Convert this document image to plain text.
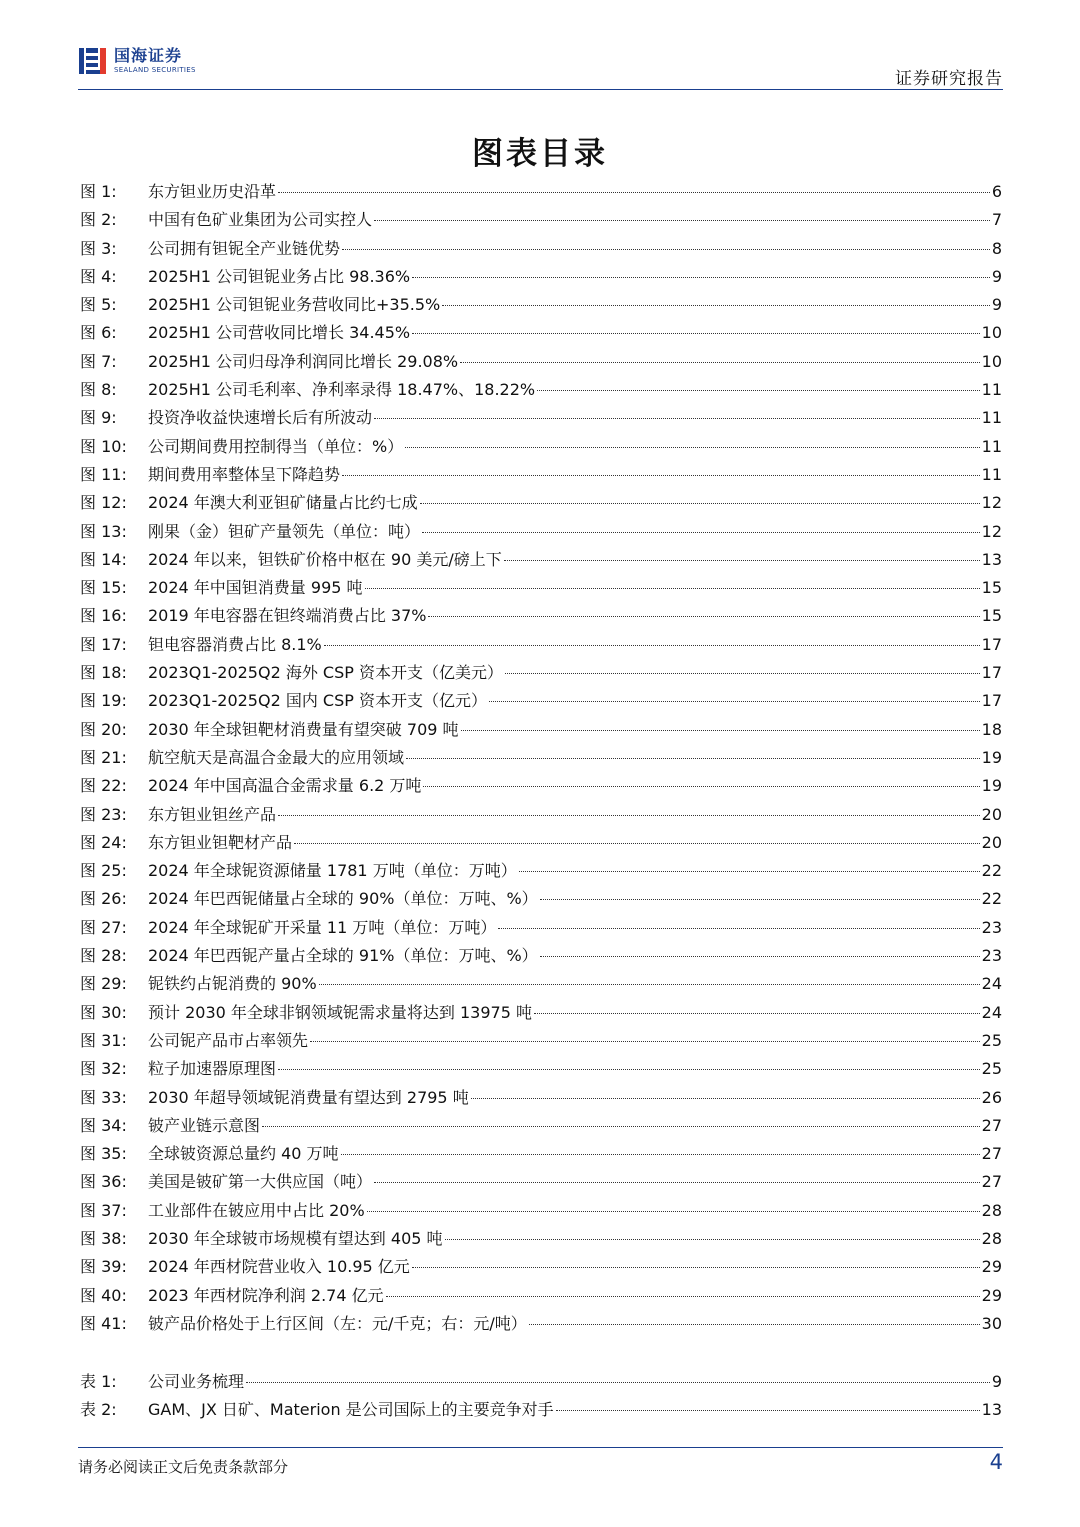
国海证券
SEALAND SECURITIES	证券研究报告
图表目录
图 1:	东方钽业历史沿革	6
图 2:	中国有色矿业集团为公司实控人	7
图 3:	公司拥有钽铌全产业链优势	8
图 4:	2025H1 公司钽铌业务占比 98.36%	9
图 5:	2025H1 公司钽铌业务营收同比+35.5%	9
图 6:	2025H1 公司营收同比增长 34.45%	10
图 7:	2025H1 公司归母净利润同比增长 29.08%	10
图 8:	2025H1 公司毛利率、净利率录得 18.47%、18.22%	11
图 9:	投资净收益快速增长后有所波动	11
图 10:	公司期间费用控制得当（单位：%）	11
图 11:	期间费用率整体呈下降趋势	11
图 12:	2024 年澳大利亚钽矿储量占比约七成	12
图 13:	刚果（金）钽矿产量领先（单位：吨）	12
图 14:	2024 年以来，钽铁矿价格中枢在 90 美元/磅上下	13
图 15:	2024 年中国钽消费量 995 吨	15
图 16:	2019 年电容器在钽终端消费占比 37%	15
图 17:	钽电容器消费占比 8.1%	17
图 18:	2023Q1-2025Q2 海外 CSP 资本开支（亿美元）	17
图 19:	2023Q1-2025Q2 国内 CSP 资本开支（亿元）	17
图 20:	2030 年全球钽靶材消费量有望突破 709 吨	18
图 21:	航空航天是高温合金最大的应用领域	19
图 22:	2024 年中国高温合金需求量 6.2 万吨	19
图 23:	东方钽业钽丝产品	20
图 24:	东方钽业钽靶材产品	20
图 25:	2024 年全球铌资源储量 1781 万吨（单位：万吨）	22
图 26:	2024 年巴西铌储量占全球的 90%（单位：万吨、%）	22
图 27:	2024 年全球铌矿开采量 11 万吨（单位：万吨）	23
图 28:	2024 年巴西铌产量占全球的 91%（单位：万吨、%）	23
图 29:	铌铁约占铌消费的 90%	24
图 30:	预计 2030 年全球非钢领域铌需求量将达到 13975 吨	24
图 31:	公司铌产品市占率领先	25
图 32:	粒子加速器原理图	25
图 33:	2030 年超导领域铌消费量有望达到 2795 吨	26
图 34:	铍产业链示意图	27
图 35:	全球铍资源总量约 40 万吨	27
图 36:	美国是铍矿第一大供应国（吨）	27
图 37:	工业部件在铍应用中占比 20%	28
图 38:	2030 年全球铍市场规模有望达到 405 吨	28
图 39:	2024 年西材院营业收入 10.95 亿元	29
图 40:	2023 年西材院净利润 2.74 亿元	29
图 41:	铍产品价格处于上行区间（左：元/千克；右：元/吨）	30
表 1:	公司业务梳理	9
表 2:	GAM、JX 日矿、Materion 是公司国际上的主要竞争对手	13
请务必阅读正文后免责条款部分	4
